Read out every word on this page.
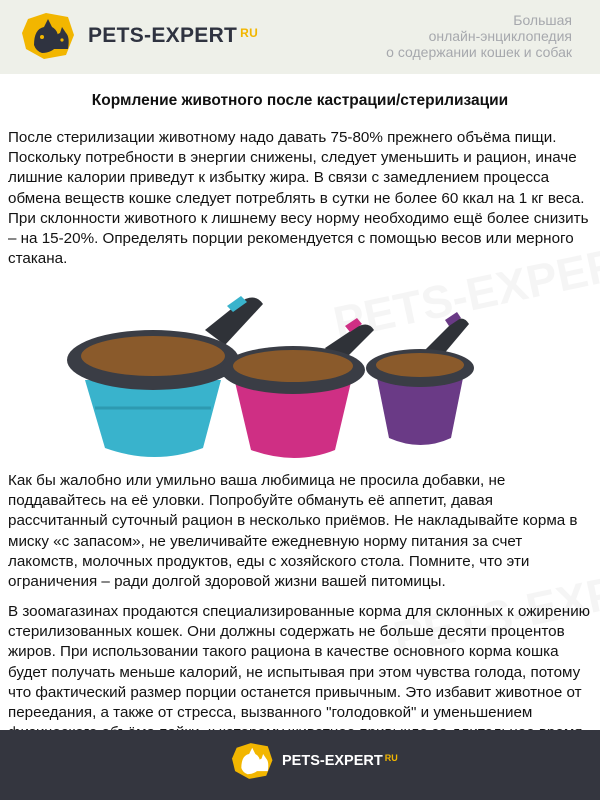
PETS-EXPERT $^{RU}$
Большая
онлайн-энциклопедия
о содержании кошек и собак
Кормление животного после кастрации/стерилизации
После стерилизации животному надо давать 75-80% прежнего объёма пищи. Поскольку потребности в энергии снижены, следует уменьшить и рацион, иначе лишние калории приведут к избытку жира. В связи с замедлением процесса обмена веществ кошке следует потреблять в сутки не более 60 ккал на 1 кг веса. При склонности животного к лишнему весу норму необходимо ещё более снизить – на 15-20%. Определять порции рекомендуется с помощью весов или мерного стакана.
Как бы жалобно или умильно ваша любимица не просила добавки, не поддавайтесь на её уловки. Попробуйте обмануть её аппетит, давая рассчитанный суточный рацион в несколько приёмов. Не накладывайте корма в миску «с запасом», не увеличивайте ежедневную норму питания за счет лакомств, молочных продуктов, еды с хозяйского стола. Помните, что эти ограничения – ради долгой здоровой жизни вашей питомицы.
В зоомагазинах продаются специализированные корма для склонных к ожирению стерилизованных кошек. Они должны содержать не больше десяти процентов жиров. При использовании такого рациона в качестве основного корма кошка будет получать меньше калорий, не испытывая при этом чувства голода, потому что фактический размер порции останется привычным. Это избавит животное от переедания, а также от стресса, вызванного "голодовкой" и уменьшением
PETS-EXPERT $^{RU}$
